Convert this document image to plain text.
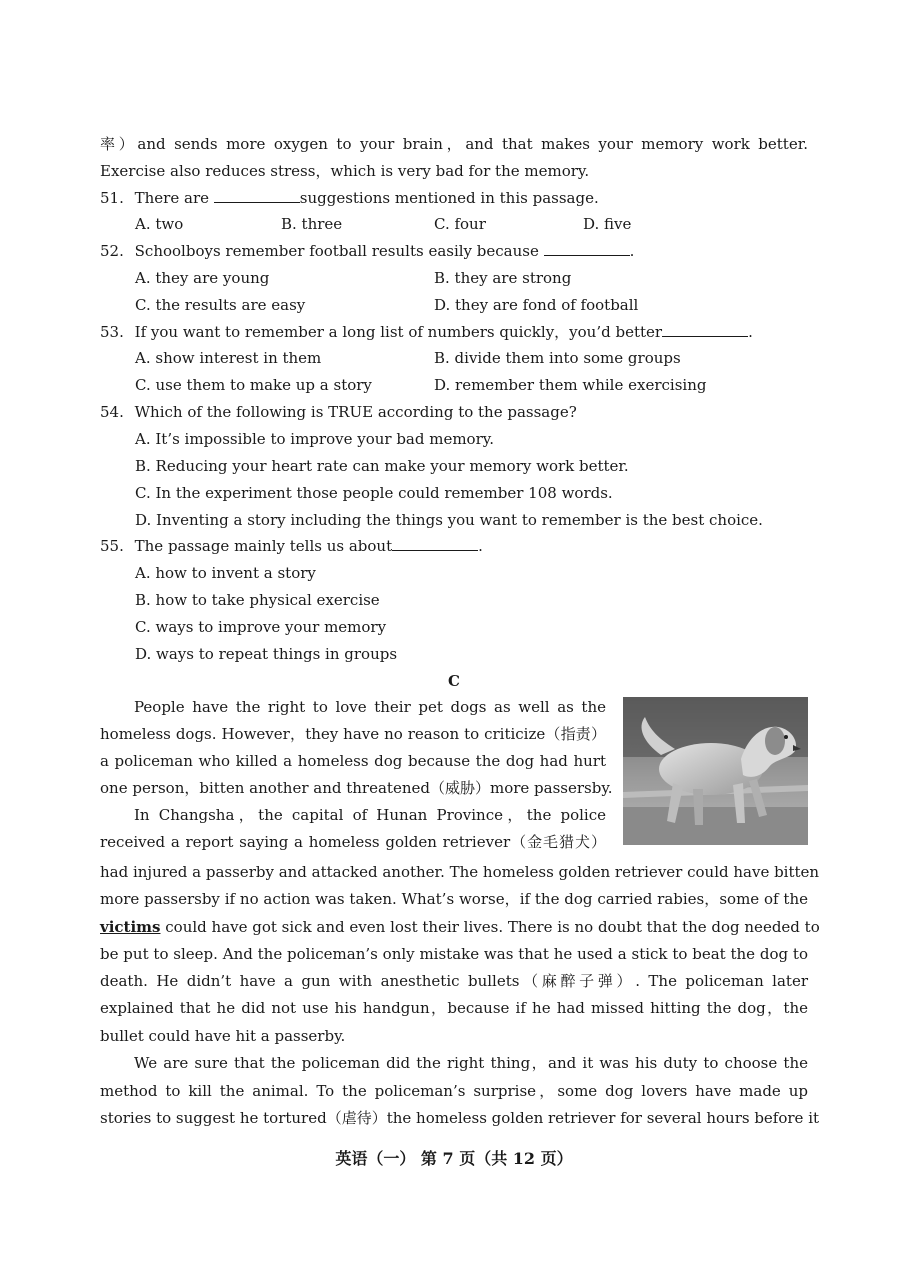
率）and sends more oxygen to your brain，and that makes your memory work better.
Exercise also reduces stress，which is very bad for the memory.
51. There are	suggestions mentioned in this passage.
A. two	B. three	C. four	D. five
52. Schoolboys remember football results easily because	.
A. they are young	B. they are strong
C. the results are easy	D. they are fond of football
53. If you want to remember a long list of numbers quickly，you’d better	.
A. show interest in them	B. divide them into some groups
C. use them to make up a story	D. remember them while exercising
54. Which of the following is TRUE according to the passage?
A. It’s impossible to improve your bad memory.
B. Reducing your heart rate can make your memory work better.
C. In the experiment those people could remember 108 words.
D. Inventing a story including the things you want to remember is the best choice.
55. The passage mainly tells us about	.
A. how to invent a story
B. how to take physical exercise
C. ways to improve your memory
D. ways to repeat things in groups
C
People have the right to love their pet dogs as well as the
homeless dogs. However，they have no reason to criticize（指责）
a policeman who killed a homeless dog because the dog had hurt
one person，bitten another and threatened（威胁）more passersby.
In Changsha，the capital of Hunan Province，the police
received a report saying a homeless golden retriever（金毛猎犬）
had injured a passerby and attacked another. The homeless golden retriever could have bitten
more passersby if no action was taken. What’s worse，if the dog carried rabies，some of the
victims could have got sick and even lost their lives. There is no doubt that the dog needed to
be put to sleep. And the policeman’s only mistake was that he used a stick to beat the dog to
death. He didn’t have a gun with anesthetic bullets（麻醉子弹）. The policeman later
explained that he did not use his handgun，because if he had missed hitting the dog，the
bullet could have hit a passerby.
We are sure that the policeman did the right thing，and it was his duty to choose the
method to kill the animal. To the policeman’s surprise，some dog lovers have made up
stories to suggest he tortured（虐待）the homeless golden retriever for several hours before it
英语（一） 第 7 页（共 12 页）
